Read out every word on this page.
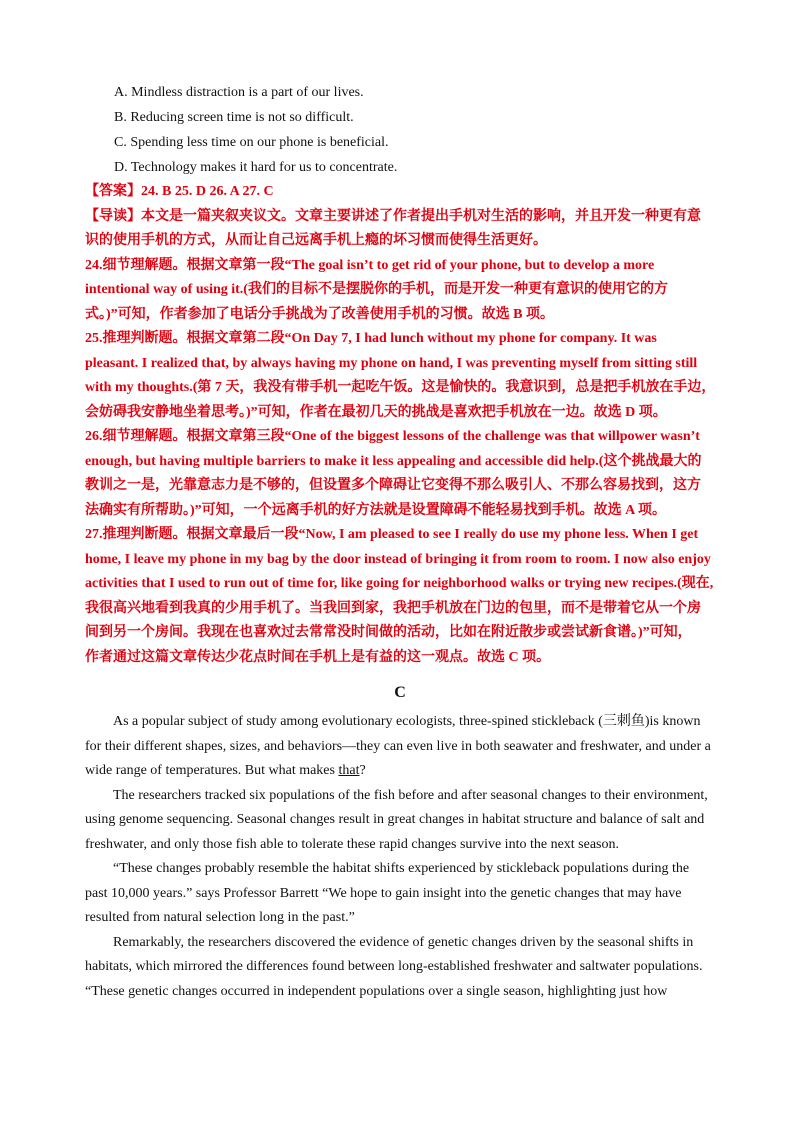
A. Mindless distraction is a part of our lives.
B. Reducing screen time is not so difficult.
C. Spending less time on our phone is beneficial.
D. Technology makes it hard for us to concentrate.
【答案】24. B 25. D 26. A 27. C
【导读】本文是一篇夹叙夹议文。文章主要讲述了作者提出手机对生活的影响，并且开发一种更有意
识的使用手机的方式，从而让自己远离手机上瘾的坏习惯而使得生活更好。
24.细节理解题。根据文章第一段“The goal isn’t to get rid of your phone, but to develop a more
intentional way of using it.(我们的目标不是摆脱你的手机，而是开发一种更有意识的使用它的方
式。)”可知，作者参加了电话分手挑战为了改善使用手机的习惯。故选 B 项。
25.推理判断题。根据文章第二段“On Day 7, I had lunch without my phone for company. It was
pleasant. I realized that, by always having my phone on hand, I was preventing myself from sitting still
with my thoughts.(第 7 天，我没有带手机一起吃午饭。这是愉快的。我意识到，总是把手机放在手边，
会妨碍我安静地坐着思考。)”可知，作者在最初几天的挑战是喜欢把手机放在一边。故选 D 项。
26.细节理解题。根据文章第三段“One of the biggest lessons of the challenge was that willpower wasn’t
enough, but having multiple barriers to make it less appealing and accessible did help.(这个挑战最大的
教训之一是，光靠意志力是不够的，但设置多个障碍让它变得不那么吸引人、不那么容易找到，这方
法确实有所帮助。)”可知，一个远离手机的好方法就是设置障碍不能轻易找到手机。故选 A 项。
27.推理判断题。根据文章最后一段“Now, I am pleased to see I really do use my phone less. When I get
home, I leave my phone in my bag by the door instead of bringing it from room to room. I now also enjoy
activities that I used to run out of time for, like going for neighborhood walks or trying new recipes.(现在,
我很高兴地看到我真的少用手机了。当我回到家，我把手机放在门边的包里，而不是带着它从一个房
间到另一个房间。我现在也喜欢过去常常没时间做的活动，比如在附近散步或尝试新食谱。)”可知，
作者通过这篇文章传达少花点时间在手机上是有益的这一观点。故选 C 项。
C
As a popular subject of study among evolutionary ecologists, three-spined stickleback (三刺鱼)is known
for their different shapes, sizes, and behaviors—they can even live in both seawater and freshwater, and under a
wide range of temperatures. But what makes that?
The researchers tracked six populations of the fish before and after seasonal changes to their environment,
using genome sequencing. Seasonal changes result in great changes in habitat structure and balance of salt and
freshwater, and only those fish able to tolerate these rapid changes survive into the next season.
“These changes probably resemble the habitat shifts experienced by stickleback populations during the
past 10,000 years.” says Professor Barrett “We hope to gain insight into the genetic changes that may have
resulted from natural selection long in the past.”
Remarkably, the researchers discovered the evidence of genetic changes driven by the seasonal shifts in
habitats, which mirrored the differences found between long-established freshwater and saltwater populations.
“These genetic changes occurred in independent populations over a single season, highlighting just how
